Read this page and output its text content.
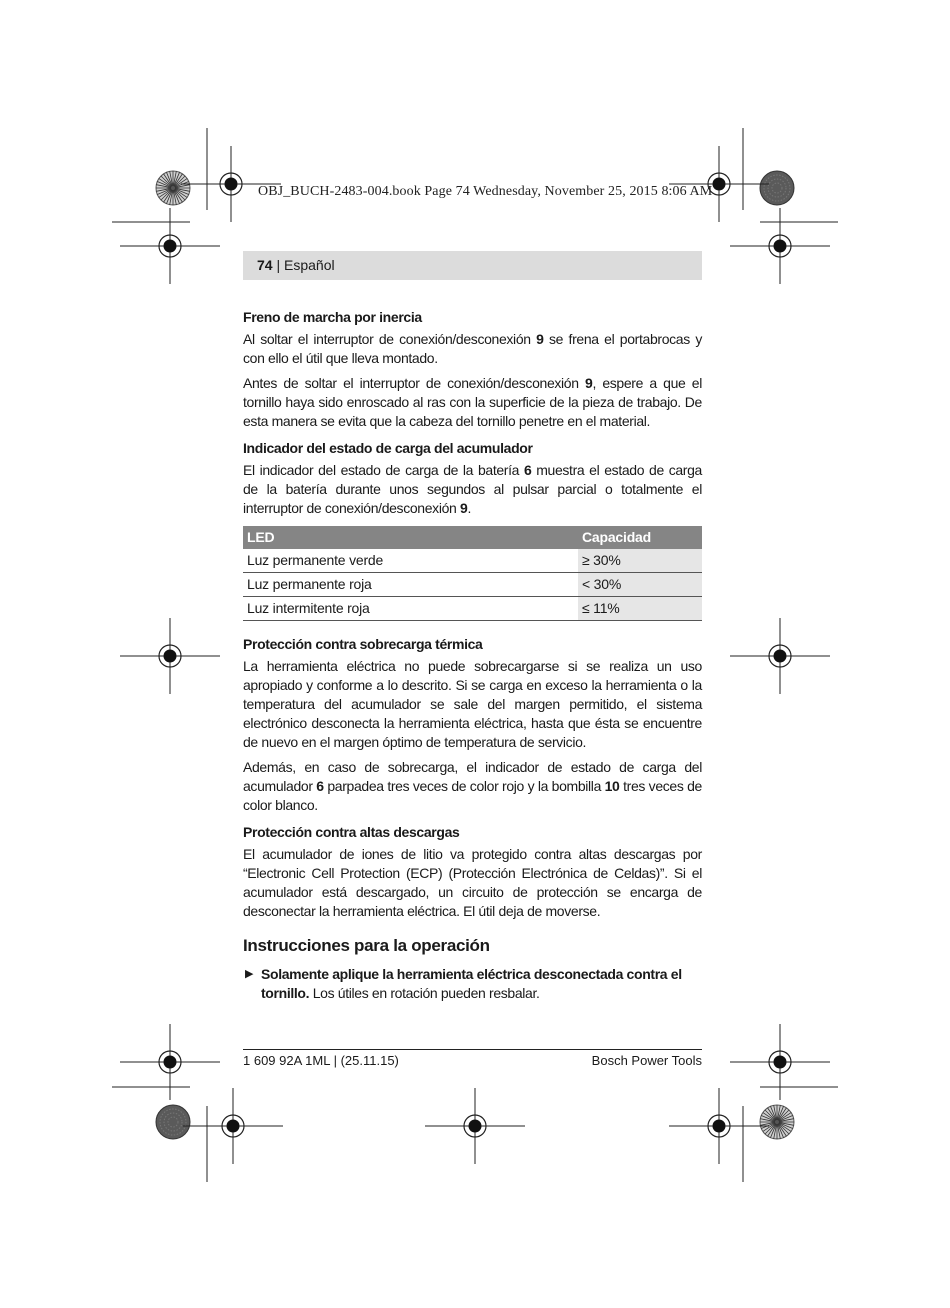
OBJ_BUCH-2483-004.book Page 74 Wednesday, November 25, 2015 8:06 AM
74 | Español
Freno de marcha por inercia

Al soltar el interruptor de conexión/desconexión 9 se frena el portabrocas y con ello el útil que lleva montado.

Antes de soltar el interruptor de conexión/desconexión 9, espere a que el tornillo haya sido enroscado al ras con la superficie de la pieza de trabajo. De esta manera se evita que la cabeza del tornillo penetre en el material.

Indicador del estado de carga del acumulador

El indicador del estado de carga de la batería 6 muestra el estado de carga de la batería durante unos segundos al pulsar parcial o totalmente el interruptor de conexión/desconexión 9.

LED	Capacidad
Luz permanente verde	≥ 30%
Luz permanente roja	< 30%
Luz intermitente roja	≤ 11%
Protección contra sobrecarga térmica

La herramienta eléctrica no puede sobrecargarse si se realiza un uso apropiado y conforme a lo descrito. Si se carga en exceso la herramienta o la temperatura del acumulador se sale del margen permitido, el sistema electrónico desconecta la herramienta eléctrica, hasta que ésta se encuentre de nuevo en el margen óptimo de temperatura de servicio.

Además, en caso de sobrecarga, el indicador de estado de carga del acumulador 6 parpadea tres veces de color rojo y la bombilla 10 tres veces de color blanco.

Protección contra altas descargas

El acumulador de iones de litio va protegido contra altas descargas por “Electronic Cell Protection (ECP) (Protección Electrónica de Celdas)”. Si el acumulador está descargado, un circuito de protección se encarga de desconectar la herramienta eléctrica. El útil deja de moverse.

Instrucciones para la operación

▶ Solamente aplique la herramienta eléctrica desconectada contra el tornillo. Los útiles en rotación pueden resbalar.

1 609 92A 1ML | (25.11.15)	Bosch Power Tools
